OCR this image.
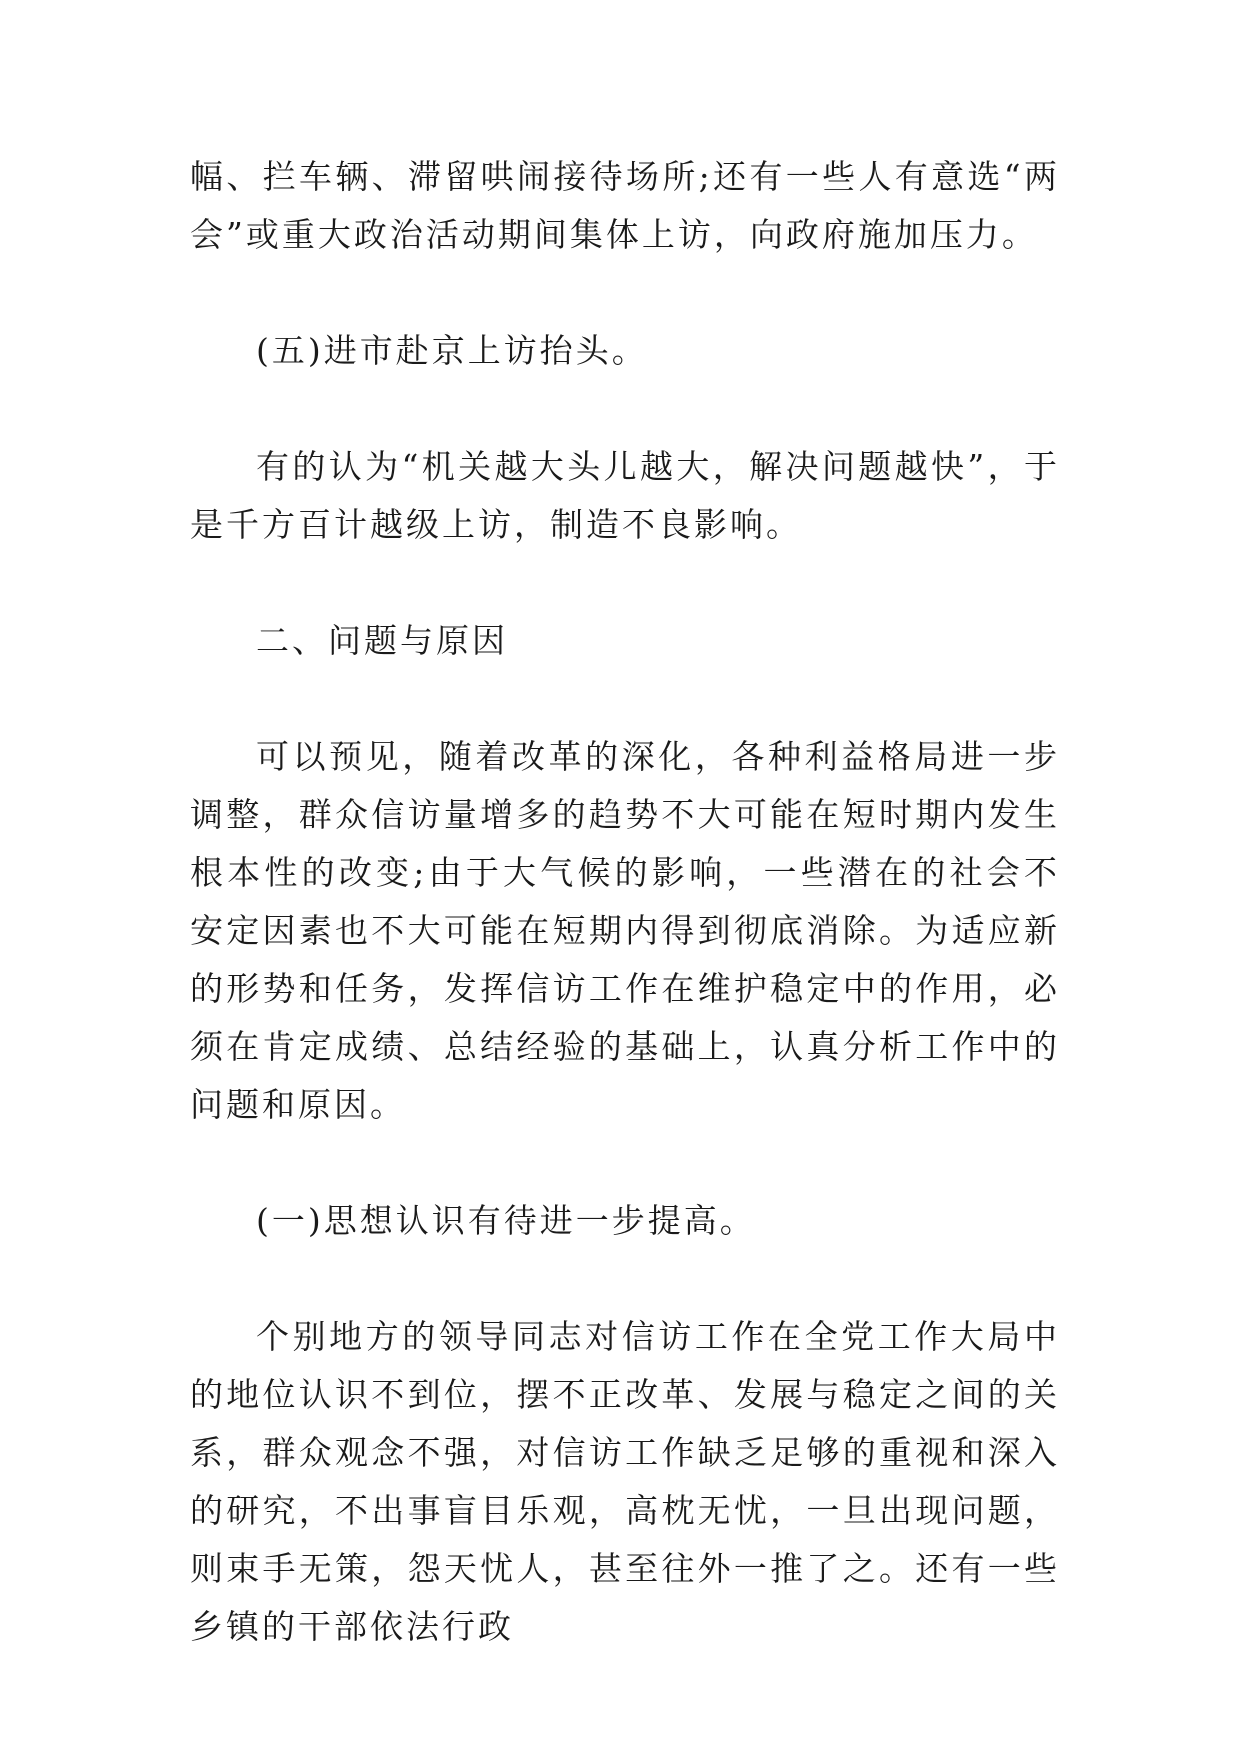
幅、拦车辆、滞留哄闹接待场所;还有一些人有意选“两会”或重大政治活动期间集体上访，向政府施加压力。

(五)进市赴京上访抬头。

有的认为“机关越大头儿越大，解决问题越快”，于是千方百计越级上访，制造不良影响。

二、问题与原因

可以预见，随着改革的深化，各种利益格局进一步调整，群众信访量增多的趋势不大可能在短时期内发生根本性的改变;由于大气候的影响，一些潜在的社会不安定因素也不大可能在短期内得到彻底消除。为适应新的形势和任务，发挥信访工作在维护稳定中的作用，必须在肯定成绩、总结经验的基础上，认真分析工作中的问题和原因。

(一)思想认识有待进一步提高。

个别地方的领导同志对信访工作在全党工作大局中的地位认识不到位，摆不正改革、发展与稳定之间的关系，群众观念不强，对信访工作缺乏足够的重视和深入的研究，不出事盲目乐观，高枕无忧，一旦出现问题，则束手无策，怨天忧人，甚至往外一推了之。还有一些乡镇的干部依法行政
